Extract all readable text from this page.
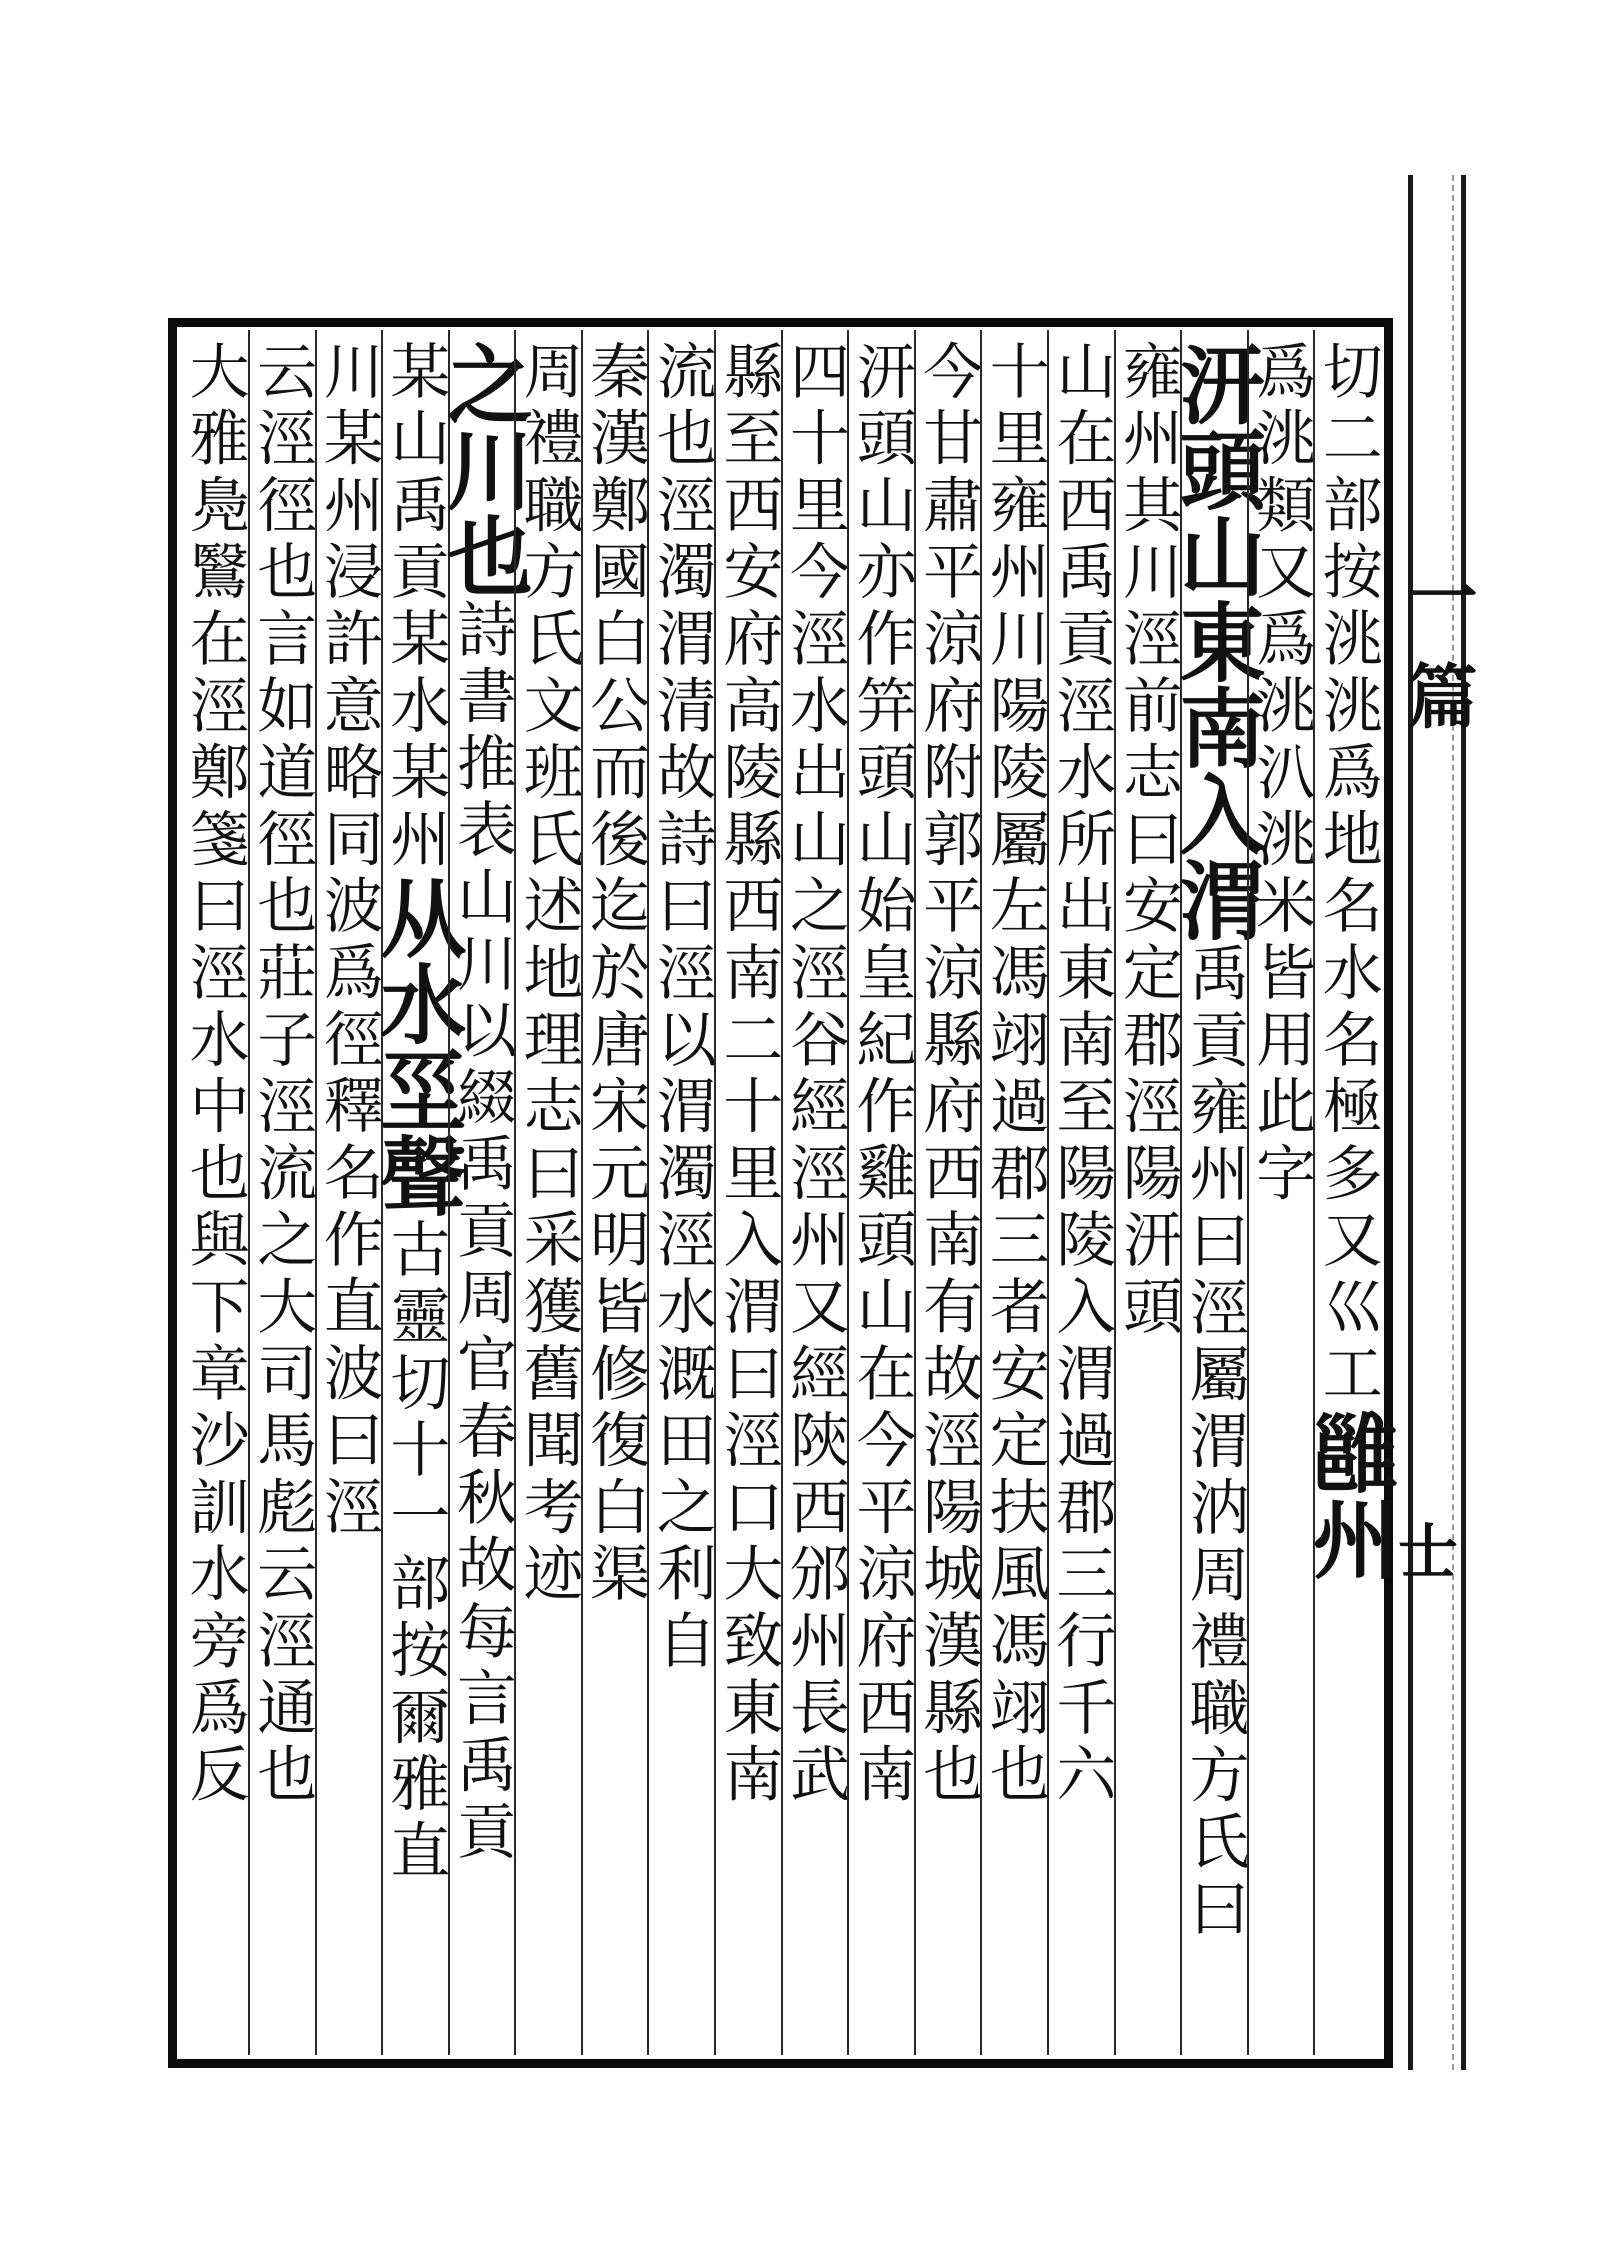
一篇
士
切二部按洮洮爲地名水名極多又
巛工
雝州
爲洮類又爲洮汃洮米皆用此字
汧頭山東南入渭
禹貢雍州曰涇屬渭汭周禮職方氏曰
雍州其川涇前志曰安定郡涇陽汧頭
山在西禹貢涇水所出東南至陽陵入渭過郡三行千六
十里雍州川陽陵屬左馮翊過郡三者安定扶風馮翊也
今甘肅平涼府附郭平涼縣府西南有故涇陽城漢縣也
汧頭山亦作笄頭山始皇紀作雞頭山在今平涼府西南
四十里今涇水出山之涇谷經涇州又經陝西邠州長武
縣至西安府高陵縣西南二十里入渭曰涇口大致東南
流也涇濁渭清故詩曰涇以渭濁涇水溉田之利自
秦漢鄭國白公而後迄於唐宋元明皆修復白渠
周禮職方氏文班氏述地理志曰采獲舊聞考迹
之川也
詩書推表山川以綴禹貢周官春秋故每言禹貢
某山禹貢某水某州
从水坙聲
古靈切十一部按爾雅直
川某州浸許意略同
波爲徑釋名作直波曰涇
云涇徑也言如道徑也莊子涇流之大司馬彪云涇通也
大雅鳧鷖在涇鄭箋曰涇水中也與下章沙訓水旁爲反
